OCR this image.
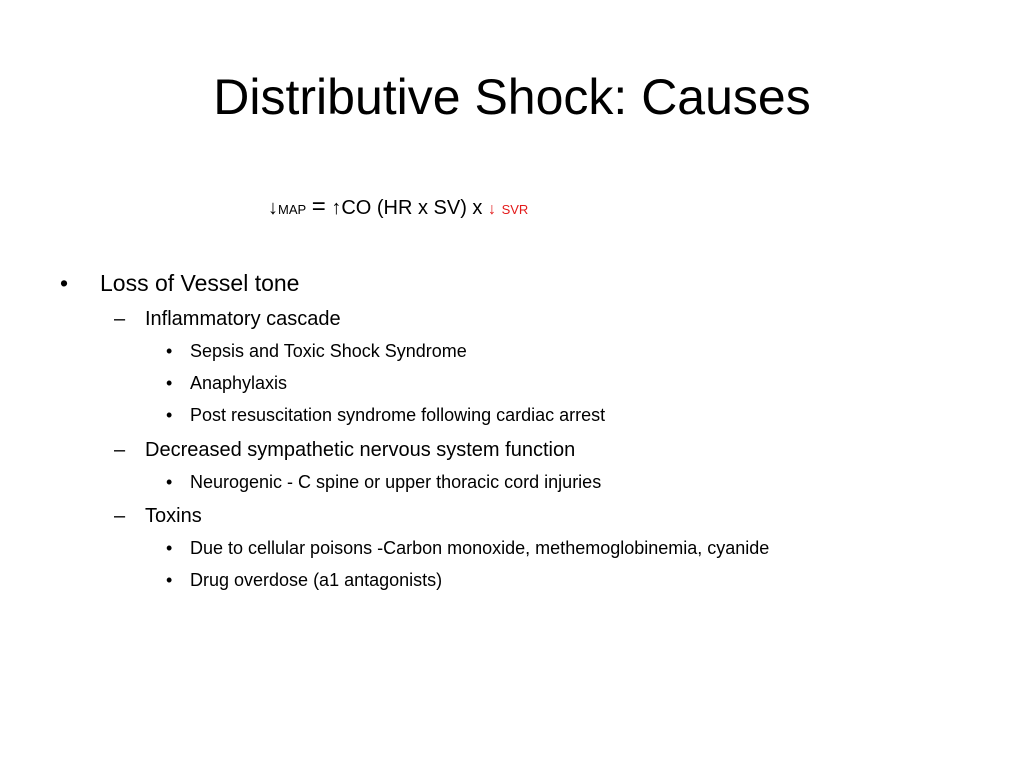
Distributive Shock: Causes
↓MAP = ↑CO (HR x SV) x ↓ SVR
• Loss of Vessel tone
– Inflammatory cascade
• Sepsis and Toxic Shock Syndrome
• Anaphylaxis
• Post resuscitation syndrome following cardiac arrest
– Decreased sympathetic nervous system function
• Neurogenic - C spine or upper thoracic cord injuries
– Toxins
• Due to cellular poisons -Carbon monoxide, methemoglobinemia, cyanide
• Drug overdose (a1 antagonists)
